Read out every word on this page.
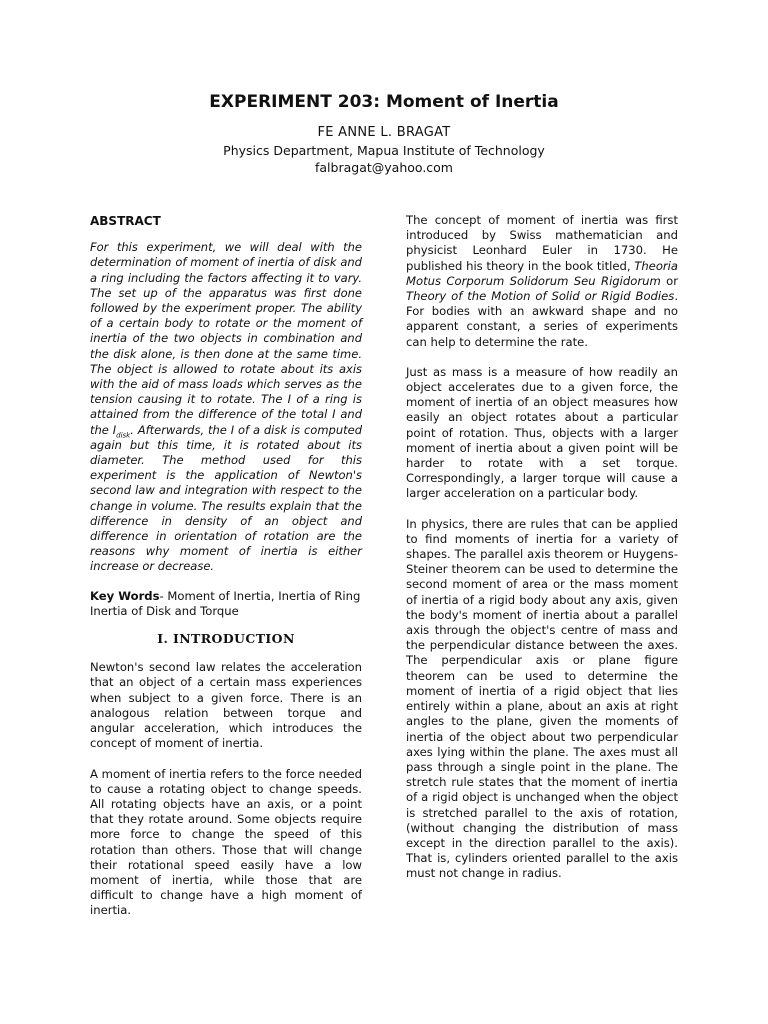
EXPERIMENT 203: Moment of Inertia
FE ANNE L. BRAGAT
Physics Department, Mapua Institute of Technology
falbragat@yahoo.com
ABSTRACT

For this experiment, we will deal with the determination of moment of inertia of disk and a ring including the factors affecting it to vary. The set up of the apparatus was first done followed by the experiment proper. The ability of a certain body to rotate or the moment of inertia of the two objects in combination and the disk alone, is then done at the same time. The object is allowed to rotate about its axis with the aid of mass loads which serves as the tension causing it to rotate. The I of a ring is attained from the difference of the total I and the $I_{disk}$. Afterwards, the I of a disk is computed again but this time, it is rotated about its diameter. The method used for this experiment is the application of Newton's second law and integration with respect to the change in volume. The results explain that the difference in density of an object and difference in orientation of rotation are the reasons why moment of inertia is either increase or decrease.

Key Words- Moment of Inertia, Inertia of Ring Inertia of Disk and Torque

I. INTRODUCTION

Newton's second law relates the acceleration that an object of a certain mass experiences when subject to a given force. There is an analogous relation between torque and angular acceleration, which introduces the concept of moment of inertia.

A moment of inertia refers to the force needed to cause a rotating object to change speeds. All rotating objects have an axis, or a point that they rotate around. Some objects require more force to change the speed of this rotation than others. Those that will change their rotational speed easily have a low moment of inertia, while those that are difficult to change have a high moment of inertia.

The concept of moment of inertia was first introduced by Swiss mathematician and physicist Leonhard Euler in 1730. He published his theory in the book titled, Theoria Motus Corporum Solidorum Seu Rigidorum or Theory of the Motion of Solid or Rigid Bodies. For bodies with an awkward shape and no apparent constant, a series of experiments can help to determine the rate.

Just as mass is a measure of how readily an object accelerates due to a given force, the moment of inertia of an object measures how easily an object rotates about a particular point of rotation. Thus, objects with a larger moment of inertia about a given point will be harder to rotate with a set torque. Correspondingly, a larger torque will cause a larger acceleration on a particular body.

In physics, there are rules that can be applied to find moments of inertia for a variety of shapes. The parallel axis theorem or Huygens-Steiner theorem can be used to determine the second moment of area or the mass moment of inertia of a rigid body about any axis, given the body's moment of inertia about a parallel axis through the object's centre of mass and the perpendicular distance between the axes. The perpendicular axis or plane figure theorem can be used to determine the moment of inertia of a rigid object that lies entirely within a plane, about an axis at right angles to the plane, given the moments of inertia of the object about two perpendicular axes lying within the plane. The axes must all pass through a single point in the plane. The stretch rule states that the moment of inertia of a rigid object is unchanged when the object is stretched parallel to the axis of rotation, (without changing the distribution of mass except in the direction parallel to the axis). That is, cylinders oriented parallel to the axis must not change in radius.
